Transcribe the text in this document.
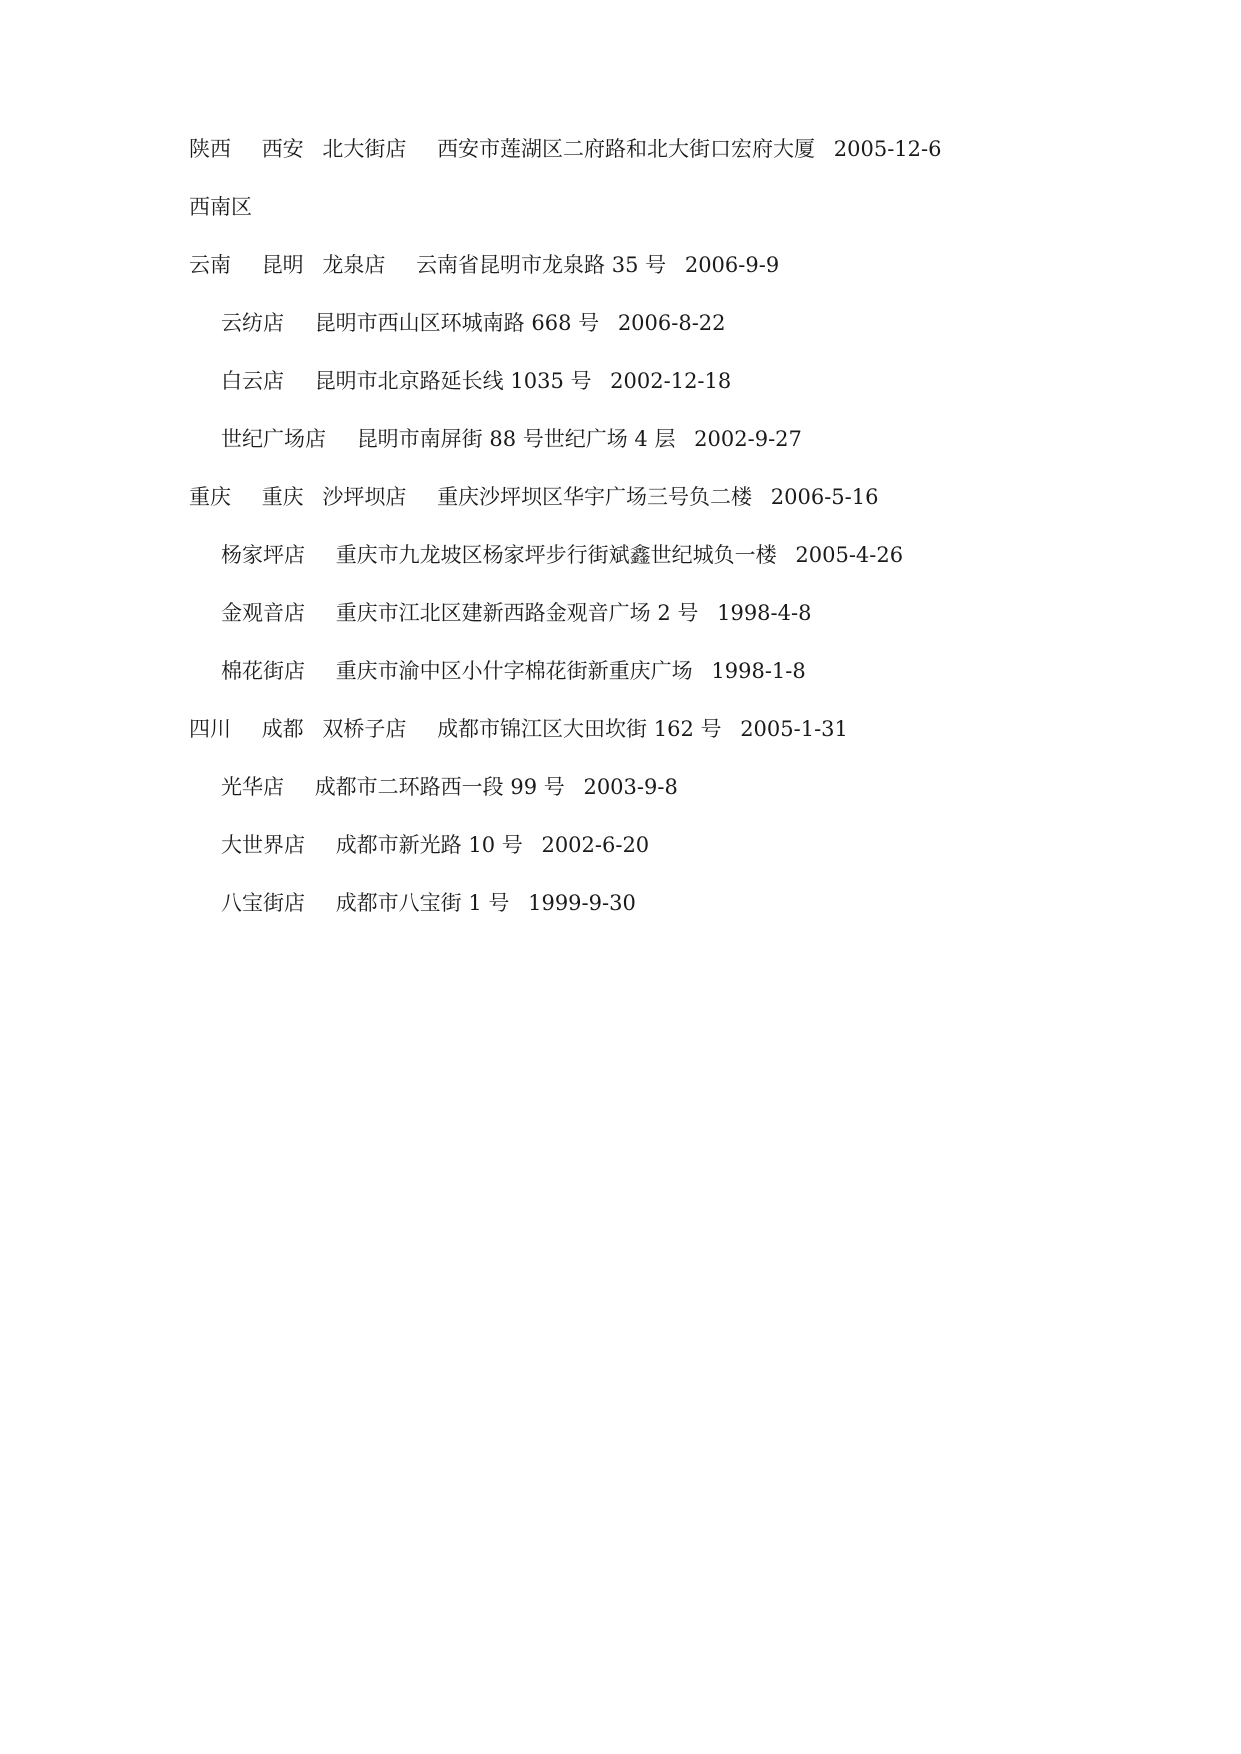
陕西 西安 北大街店 西安市莲湖区二府路和北大街口宏府大厦 2005-12-6
西南区
云南 昆明 龙泉店 云南省昆明市龙泉路 35 号 2006-9-9
云纺店 昆明市西山区环城南路 668 号 2006-8-22
白云店 昆明市北京路延长线 1035 号 2002-12-18
世纪广场店 昆明市南屏街 88 号世纪广场 4 层 2002-9-27
重庆 重庆 沙坪坝店 重庆沙坪坝区华宇广场三号负二楼 2006-5-16
杨家坪店 重庆市九龙坡区杨家坪步行街斌鑫世纪城负一楼 2005-4-26
金观音店 重庆市江北区建新西路金观音广场 2 号 1998-4-8
棉花街店 重庆市渝中区小什字棉花街新重庆广场 1998-1-8
四川 成都 双桥子店 成都市锦江区大田坎街 162 号 2005-1-31
光华店 成都市二环路西一段 99 号 2003-9-8
大世界店 成都市新光路 10 号 2002-6-20
八宝街店 成都市八宝街 1 号 1999-9-30
